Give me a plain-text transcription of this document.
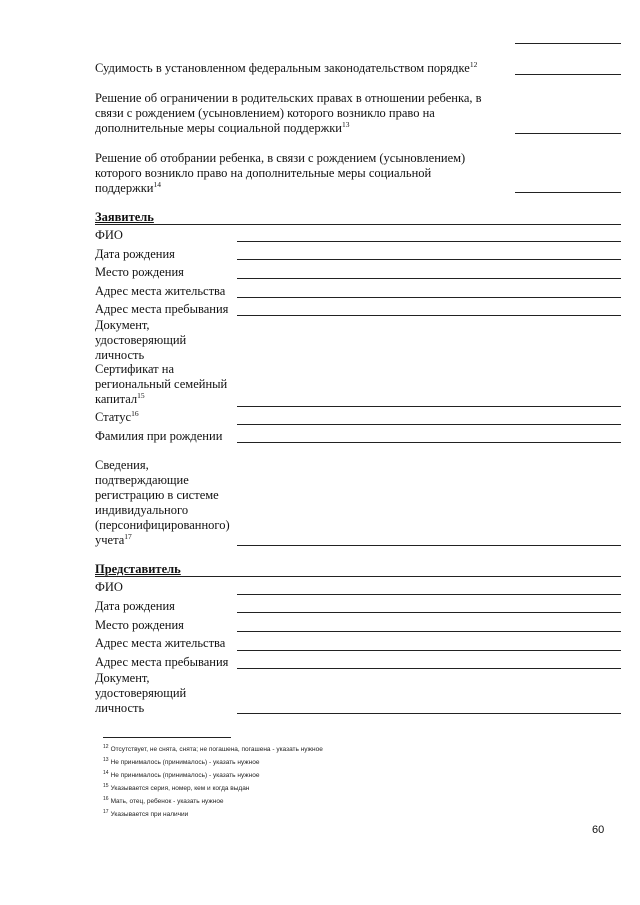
Судимость в установленном федеральным законодательством порядке$^{12}$
Решение об ограничении в родительских правах в отношении ребенка, в
связи с рождением (усыновлением) которого возникло право на
дополнительные меры социальной поддержки$^{13}$
Решение об отобрании ребенка, в связи с рождением (усыновлением)
которого возникло право на дополнительные меры социальной
поддержки$^{14}$
Заявитель
ФИО
Дата рождения
Место рождения
Адрес места жительства
Адрес места пребывания
Документ,
удостоверяющий
личность
Сертификат на
региональный семейный
капитал$^{15}$
Статус$^{16}$
Фамилия при рождении
Сведения,
подтверждающие
регистрацию в системе
индивидуального
(персонифицированного)
учета$^{17}$
Представитель
ФИО
Дата рождения
Место рождения
Адрес места жительства
Адрес места пребывания
Документ,
удостоверяющий
личность
$^{12}$ Отсутствует, не снята, снята; не погашена, погашена - указать нужное
$^{13}$ Не принималось (принималось) - указать нужное
$^{14}$ Не принималось (принималось) - указать нужное
$^{15}$ Указывается серия, номер, кем и когда выдан
$^{16}$ Мать, отец, ребенок - указать нужное
$^{17}$ Указывается при наличии
60
